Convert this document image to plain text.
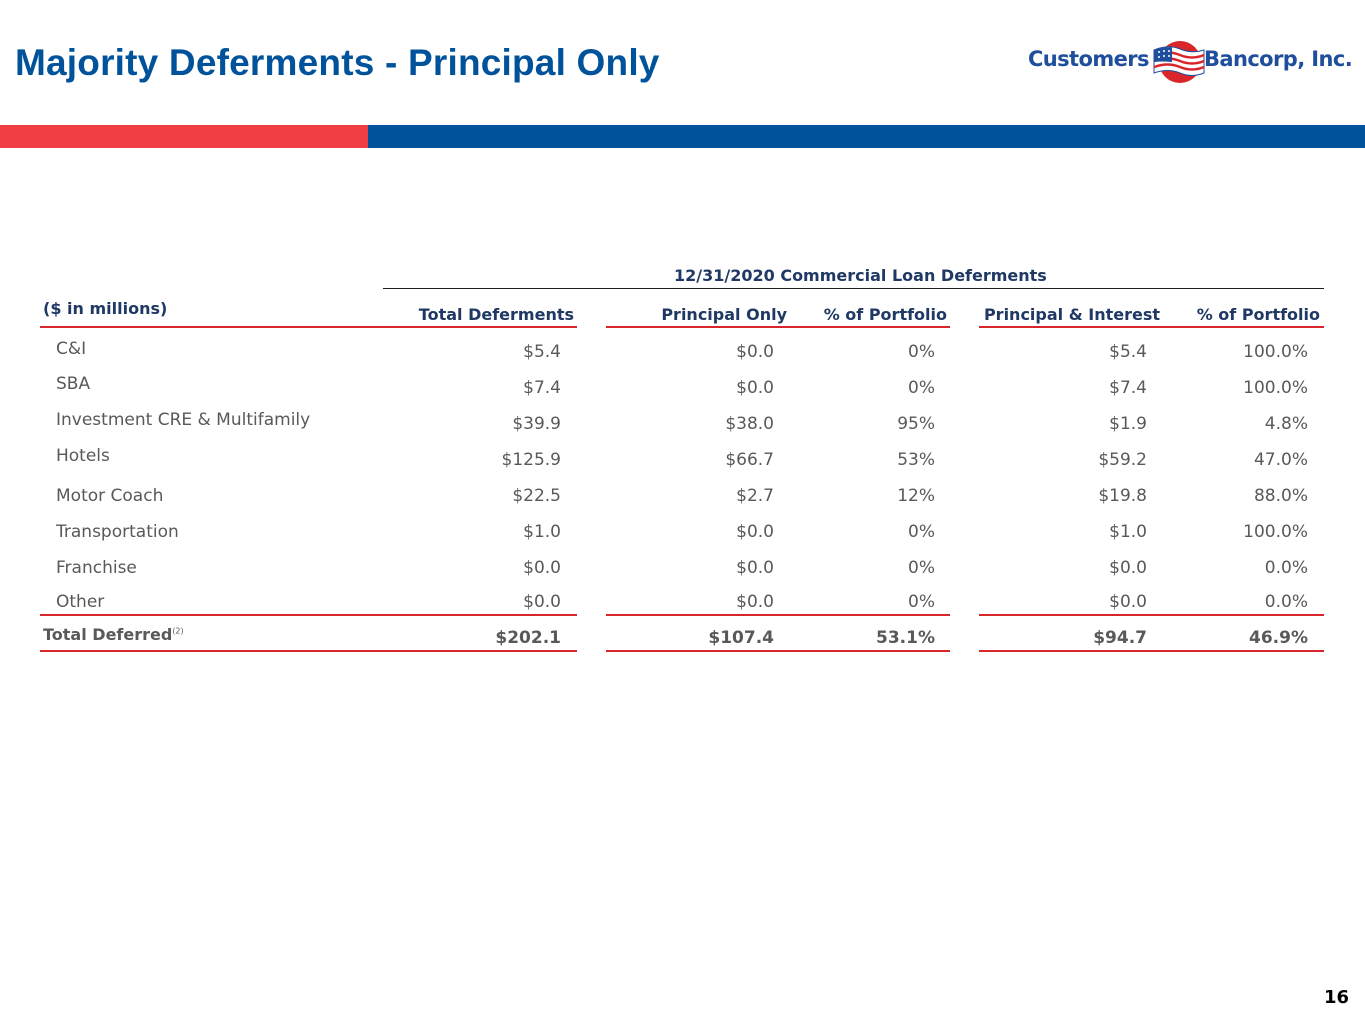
Majority Deferments - Principal Only	Customers	Bancorp, Inc.
12/31/2020 Commercial Loan Deferments
($ in millions)	Total Deferments	Principal Only	% of Portfolio	Principal & Interest	% of Portfolio
C&I	$5.4	$0.0	0%	$5.4	100.0%
SBA	$7.4	$0.0	0%	$7.4	100.0%
Investment CRE & Multifamily	$39.9	$38.0	95%	$1.9	4.8%
Hotels	$125.9	$66.7	53%	$59.2	47.0%
Motor Coach	$22.5	$2.7	12%	$19.8	88.0%
Transportation	$1.0	$0.0	0%	$1.0	100.0%
Franchise	$0.0	$0.0	0%	$0.0	0.0%
Other	$0.0	$0.0	0%	$0.0	0.0%
Total Deferred$^{(2)}$	$202.1	$107.4	53.1%	$94.7	46.9%
16
